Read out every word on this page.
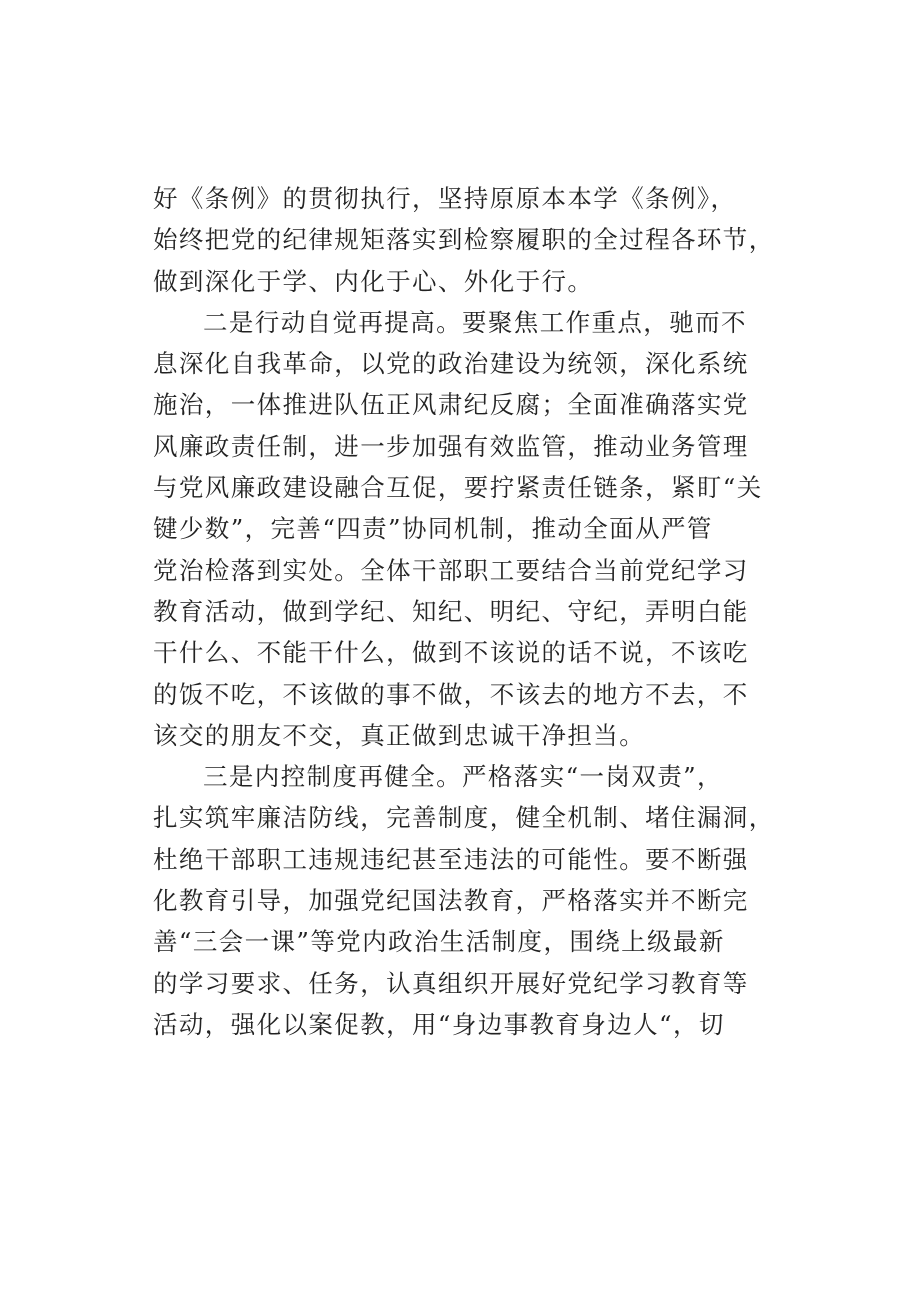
好《条例》的贯彻执行，坚持原原本本学《条例》，
始终把党的纪律规矩落实到检察履职的全过程各环节，
做到深化于学、内化于心、外化于行。
二是行动自觉再提高。要聚焦工作重点，驰而不
息深化自我革命，以党的政治建设为统领，深化系统
施治，一体推进队伍正风肃纪反腐；全面准确落实党
风廉政责任制，进一步加强有效监管，推动业务管理
与党风廉政建设融合互促，要拧紧责任链条，紧盯“关
键少数”，完善“四责”协同机制，推动全面从严管
党治检落到实处。全体干部职工要结合当前党纪学习
教育活动，做到学纪、知纪、明纪、守纪，弄明白能
干什么、不能干什么，做到不该说的话不说，不该吃
的饭不吃，不该做的事不做，不该去的地方不去，不
该交的朋友不交，真正做到忠诚干净担当。
三是内控制度再健全。严格落实“一岗双责”，
扎实筑牢廉洁防线，完善制度，健全机制、堵住漏洞，
杜绝干部职工违规违纪甚至违法的可能性。要不断强
化教育引导，加强党纪国法教育，严格落实并不断完
善“三会一课”等党内政治生活制度，围绕上级最新
的学习要求、任务，认真组织开展好党纪学习教育等
活动，强化以案促教，用“身边事教育身边人“，切
